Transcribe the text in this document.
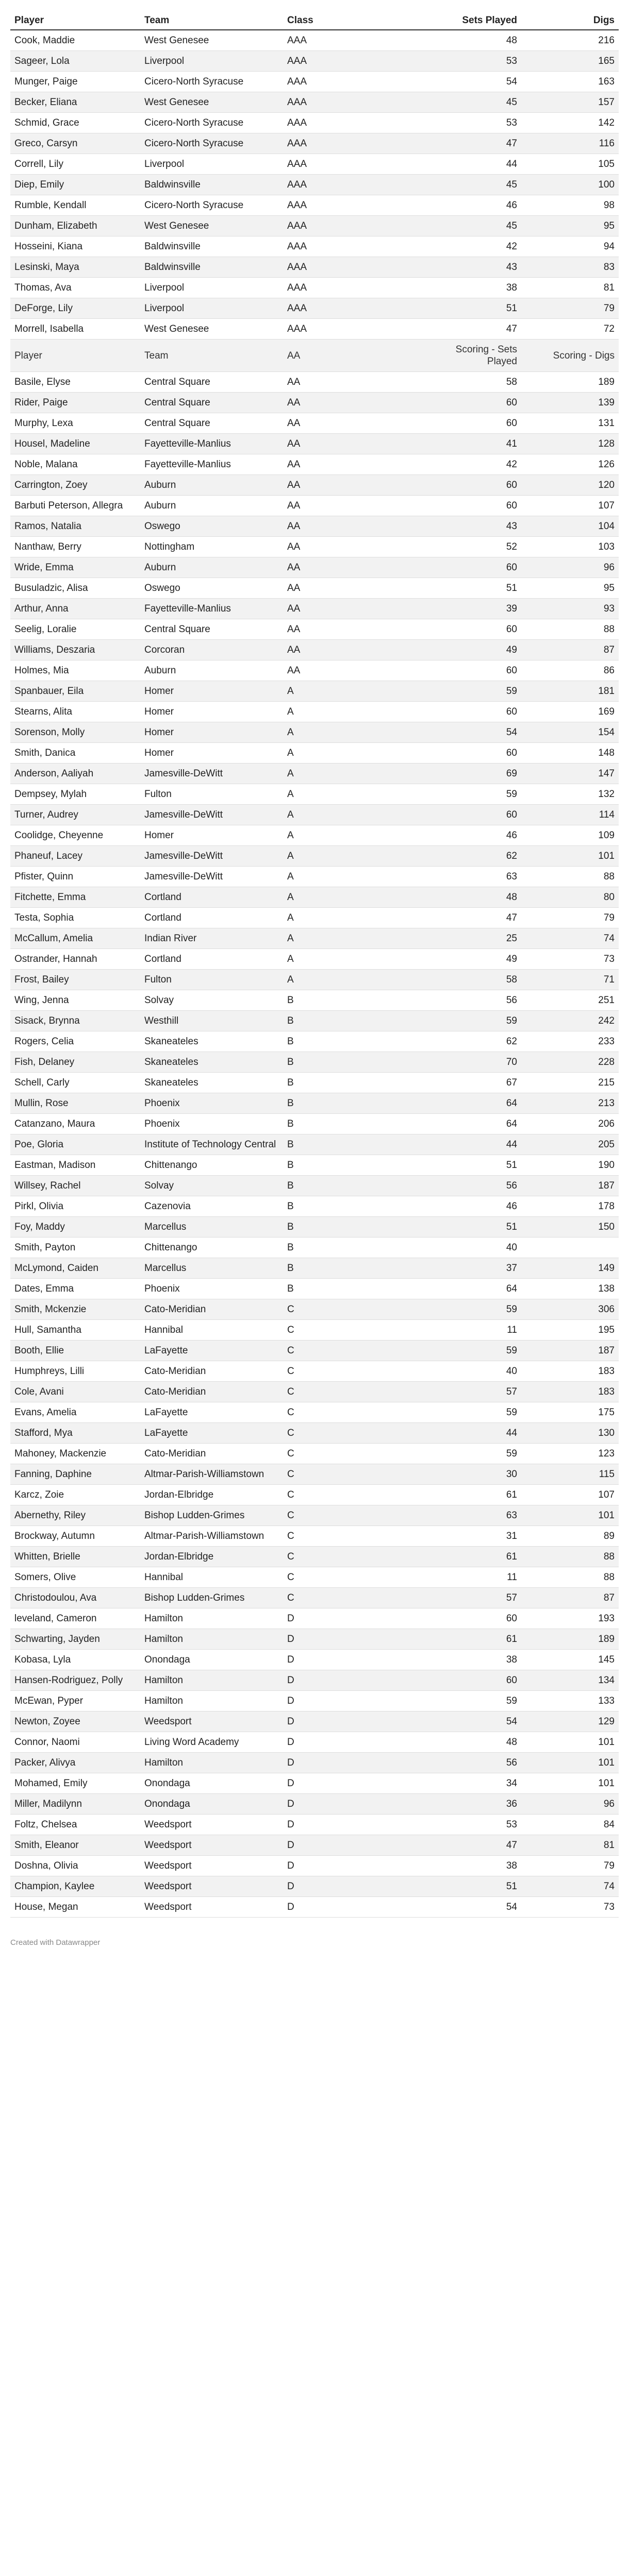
Player	Team	Class	Sets Played	Digs
Cook, Maddie	West Genesee	AAA	48	216
Sageer, Lola	Liverpool	AAA	53	165
Munger, Paige	Cicero-North Syracuse	AAA	54	163
Becker, Eliana	West Genesee	AAA	45	157
Schmid, Grace	Cicero-North Syracuse	AAA	53	142
Greco, Carsyn	Cicero-North Syracuse	AAA	47	116
Correll, Lily	Liverpool	AAA	44	105
Diep, Emily	Baldwinsville	AAA	45	100
Rumble, Kendall	Cicero-North Syracuse	AAA	46	98
Dunham, Elizabeth	West Genesee	AAA	45	95
Hosseini, Kiana	Baldwinsville	AAA	42	94
Lesinski, Maya	Baldwinsville	AAA	43	83
Thomas, Ava	Liverpool	AAA	38	81
DeForge, Lily	Liverpool	AAA	51	79
Morrell, Isabella	West Genesee	AAA	47	72
Player	Team	AA	Scoring - Sets Played	Scoring - Digs
Basile, Elyse	Central Square	AA	58	189
Rider, Paige	Central Square	AA	60	139
Murphy, Lexa	Central Square	AA	60	131
Housel, Madeline	Fayetteville-Manlius	AA	41	128
Noble, Malana	Fayetteville-Manlius	AA	42	126
Carrington, Zoey	Auburn	AA	60	120
Barbuti Peterson, Allegra	Auburn	AA	60	107
Ramos, Natalia	Oswego	AA	43	104
Nanthaw, Berry	Nottingham	AA	52	103
Wride, Emma	Auburn	AA	60	96
Busuladzic, Alisa	Oswego	AA	51	95
Arthur, Anna	Fayetteville-Manlius	AA	39	93
Seelig, Loralie	Central Square	AA	60	88
Williams, Deszaria	Corcoran	AA	49	87
Holmes, Mia	Auburn	AA	60	86
Spanbauer, Eila	Homer	A	59	181
Stearns, Alita	Homer	A	60	169
Sorenson, Molly	Homer	A	54	154
Smith, Danica	Homer	A	60	148
Anderson, Aaliyah	Jamesville-DeWitt	A	69	147
Dempsey, Mylah	Fulton	A	59	132
Turner, Audrey	Jamesville-DeWitt	A	60	114
Coolidge, Cheyenne	Homer	A	46	109
Phaneuf, Lacey	Jamesville-DeWitt	A	62	101
Pfister, Quinn	Jamesville-DeWitt	A	63	88
Fitchette, Emma	Cortland	A	48	80
Testa, Sophia	Cortland	A	47	79
McCallum, Amelia	Indian River	A	25	74
Ostrander, Hannah	Cortland	A	49	73
Frost, Bailey	Fulton	A	58	71
Wing, Jenna	Solvay	B	56	251
Sisack, Brynna	Westhill	B	59	242
Rogers, Celia	Skaneateles	B	62	233
Fish, Delaney	Skaneateles	B	70	228
Schell, Carly	Skaneateles	B	67	215
Mullin, Rose	Phoenix	B	64	213
Catanzano, Maura	Phoenix	B	64	206
Poe, Gloria	Institute of Technology Central	B	44	205
Eastman, Madison	Chittenango	B	51	190
Willsey, Rachel	Solvay	B	56	187
Pirkl, Olivia	Cazenovia	B	46	178
Foy, Maddy	Marcellus	B	51	150
Smith, Payton	Chittenango	B	40	
McLymond, Caiden	Marcellus	B	37	149
Dates, Emma	Phoenix	B	64	138
Smith, Mckenzie	Cato-Meridian	C	59	306
Hull, Samantha	Hannibal	C	11	195
Booth, Ellie	LaFayette	C	59	187
Humphreys, Lilli	Cato-Meridian	C	40	183
Cole, Avani	Cato-Meridian	C	57	183
Evans, Amelia	LaFayette	C	59	175
Stafford, Mya	LaFayette	C	44	130
Mahoney, Mackenzie	Cato-Meridian	C	59	123
Fanning, Daphine	Altmar-Parish-Williamstown	C	30	115
Karcz, Zoie	Jordan-Elbridge	C	61	107
Abernethy, Riley	Bishop Ludden-Grimes	C	63	101
Brockway, Autumn	Altmar-Parish-Williamstown	C	31	89
Whitten, Brielle	Jordan-Elbridge	C	61	88
Somers, Olive	Hannibal	C	11	88
Christodoulou, Ava	Bishop Ludden-Grimes	C	57	87
leveland, Cameron	Hamilton	D	60	193
Schwarting, Jayden	Hamilton	D	61	189
Kobasa, Lyla	Onondaga	D	38	145
Hansen-Rodriguez, Polly	Hamilton	D	60	134
McEwan, Pyper	Hamilton	D	59	133
Newton, Zoyee	Weedsport	D	54	129
Connor, Naomi	Living Word Academy	D	48	101
Packer, Alivya	Hamilton	D	56	101
Mohamed, Emily	Onondaga	D	34	101
Miller, Madilynn	Onondaga	D	36	96
Foltz, Chelsea	Weedsport	D	53	84
Smith, Eleanor	Weedsport	D	47	81
Doshna, Olivia	Weedsport	D	38	79
Champion, Kaylee	Weedsport	D	51	74
House, Megan	Weedsport	D	54	73
Created with Datawrapper
